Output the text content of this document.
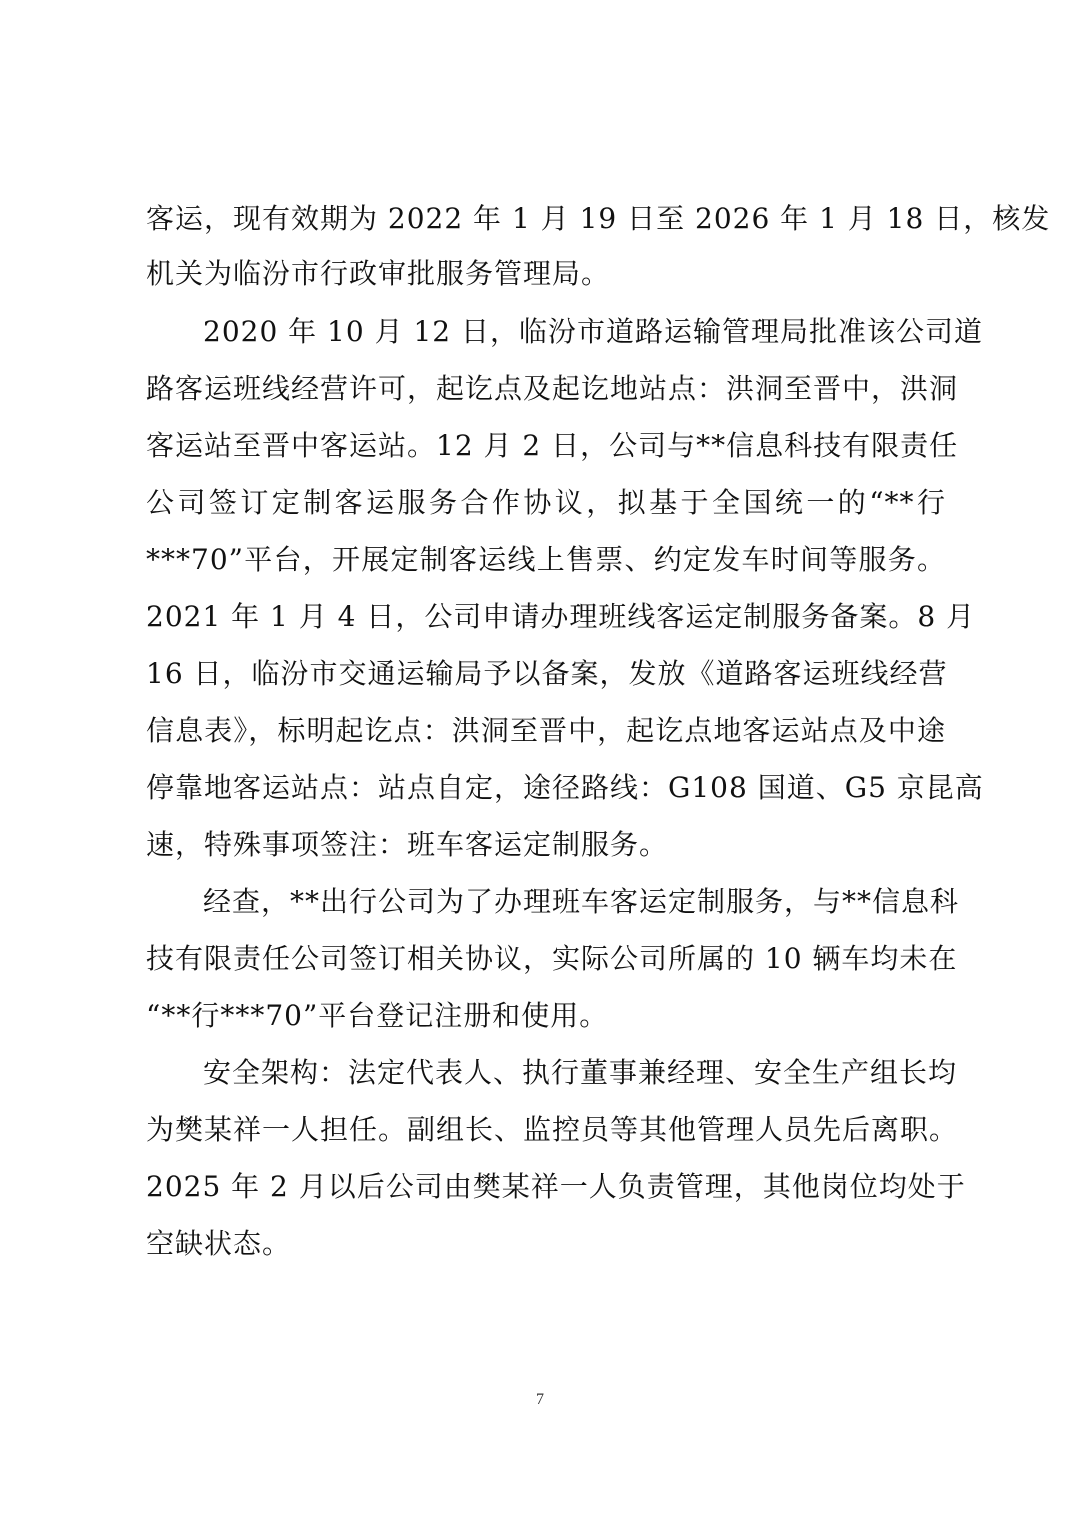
客运，现有效期为 2022 年 1 月 19 日至 2026 年 1 月 18 日，核发

机关为临汾市行政审批服务管理局。

2020 年 10 月 12 日，临汾市道路运输管理局批准该公司道

路客运班线经营许可，起讫点及起讫地站点：洪洞至晋中，洪洞

客运站至晋中客运站。12 月 2 日，公司与**信息科技有限责任

公司签订定制客运服务合作协议，拟基于全国统一的“**行

***70”平台，开展定制客运线上售票、约定发车时间等服务。

2021 年 1 月 4 日，公司申请办理班线客运定制服务备案。8 月

16 日，临汾市交通运输局予以备案，发放《道路客运班线经营

信息表》，标明起讫点：洪洞至晋中，起讫点地客运站点及中途

停靠地客运站点：站点自定，途径路线：G108 国道、G5 京昆高

速，特殊事项签注：班车客运定制服务。

经查，**出行公司为了办理班车客运定制服务，与**信息科

技有限责任公司签订相关协议，实际公司所属的 10 辆车均未在

“**行***70”平台登记注册和使用。

安全架构：法定代表人、执行董事兼经理、安全生产组长均

为樊某祥一人担任。副组长、监控员等其他管理人员先后离职。

2025 年 2 月以后公司由樊某祥一人负责管理，其他岗位均处于

空缺状态。

7
